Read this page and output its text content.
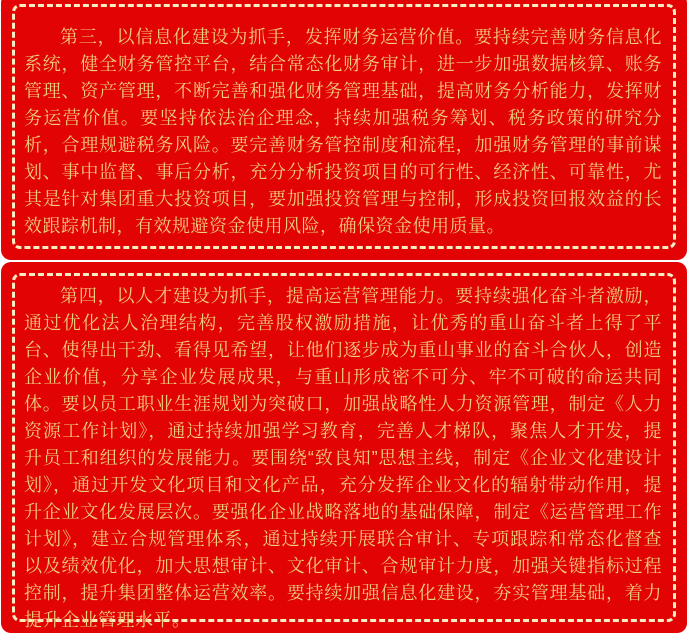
第三，以信息化建设为抓手，发挥财务运营价值。要持续完善财务信息化系统，健全财务管控平台，结合常态化财务审计，进一步加强数据核算、账务管理、资产管理，不断完善和强化财务管理基础，提高财务分析能力，发挥财务运营价值。要坚持依法治企理念，持续加强税务筹划、税务政策的研究分析，合理规避税务风险。要完善财务管控制度和流程，加强财务管理的事前谋划、事中监督、事后分析，充分分析投资项目的可行性、经济性、可靠性，尤其是针对集团重大投资项目，要加强投资管理与控制，形成投资回报效益的长效跟踪机制，有效规避资金使用风险，确保资金使用质量。

第四，以人才建设为抓手，提高运营管理能力。要持续强化奋斗者激励，通过优化法人治理结构，完善股权激励措施，让优秀的重山奋斗者上得了平台、使得出干劲、看得见希望，让他们逐步成为重山事业的奋斗合伙人，创造企业价值，分享企业发展成果，与重山形成密不可分、牢不可破的命运共同体。要以员工职业生涯规划为突破口，加强战略性人力资源管理，制定《人力资源工作计划》，通过持续加强学习教育，完善人才梯队，聚焦人才开发，提升员工和组织的发展能力。要围绕“致良知”思想主线，制定《企业文化建设计划》，通过开发文化项目和文化产品，充分发挥企业文化的辐射带动作用，提升企业文化发展层次。要强化企业战略落地的基础保障，制定《运营管理工作计划》，建立合规管理体系，通过持续开展联合审计、专项跟踪和常态化督查以及绩效优化，加大思想审计、文化审计、合规审计力度，加强关键指标过程控制，提升集团整体运营效率。要持续加强信息化建设，夯实管理基础，着力提升企业管理水平。
